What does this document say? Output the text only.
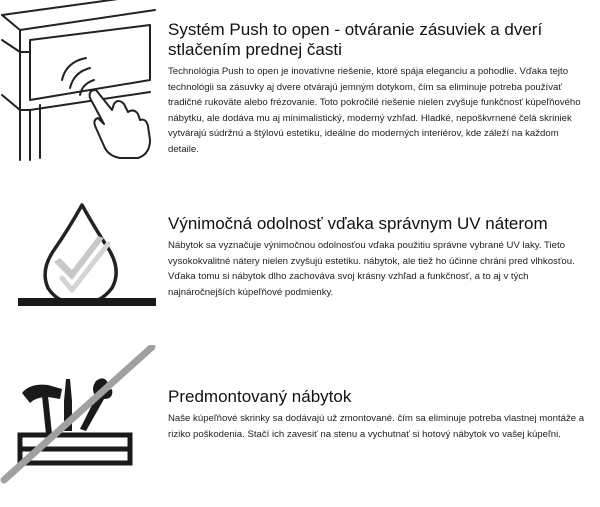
Systém Push to open - otváranie zásuviek a dverí
stlačením prednej časti

Technológia Push to open je inovatívne riešenie, ktoré spája eleganciu a pohodlie. Vďaka tejto technológii sa zásuvky aj dvere otvárajú jemným dotykom, čím sa eliminuje potreba používať tradičné rukoväte alebo frézovanie. Toto pokročilé riešenie nielen zvyšuje funkčnosť kúpeľňového nábytku, ale dodáva mu aj minimalistický, moderný vzhľad. Hladké, nepoškvrnené čelá skriniek vytvárajú súdržnú a štýlovú estetiku, ideálne do moderných interiérov, kde záleží na každom detaile.

Výnimočná odolnosť vďaka správnym UV náterom

Nábytok sa vyznačuje výnimočnou odolnosťou vďaka použitiu správne vybrané UV laky. Tieto vysokokvalitné nátery nielen zvyšujú estetiku. nábytok, ale tiež ho účinne chráni pred vlhkosťou. Vďaka tomu si nábytok dlho zachováva svoj krásny vzhľad a funkčnosť, a to aj v tých najnáročnejších kúpeľňové podmienky.

Predmontovaný nábytok

Naše kúpeľňové skrinky sa dodávajú už zmontované. čím sa eliminuje potreba vlastnej montáže a riziko poškodenia. Stačí ich zavesiť na stenu a vychutnať si hotový nábytok vo vašej kúpeľni.
